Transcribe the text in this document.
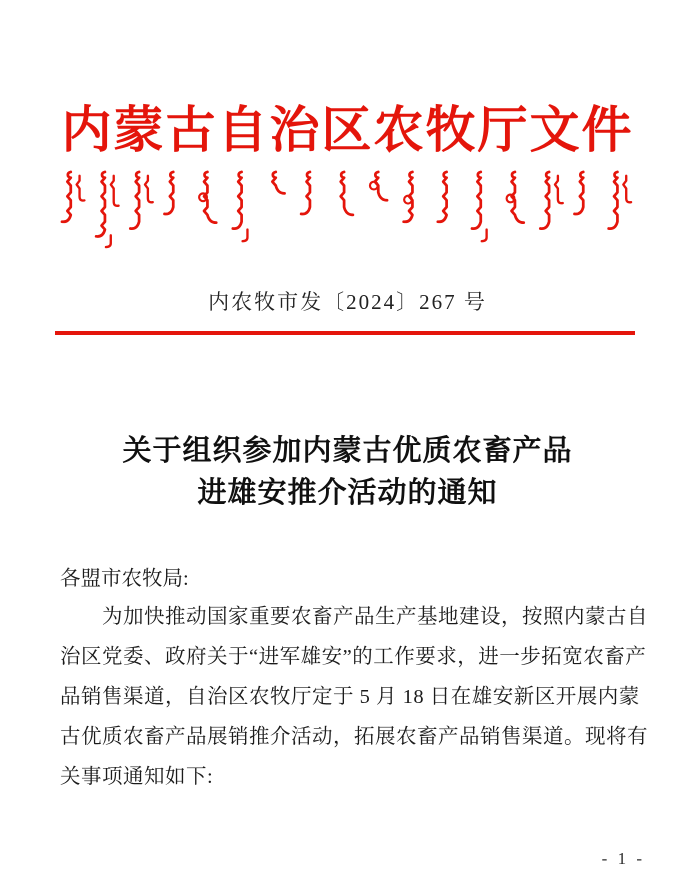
内蒙古自治区农牧厅文件
内农牧市发〔2024〕267 号
关于组织参加内蒙古优质农畜产品
进雄安推介活动的通知
各盟市农牧局:
　　为加快推动国家重要农畜产品生产基地建设，按照内蒙古自
治区党委、政府关于“进军雄安”的工作要求，进一步拓宽农畜产
品销售渠道，自治区农牧厅定于 5 月 18 日在雄安新区开展内蒙
古优质农畜产品展销推介活动，拓展农畜产品销售渠道。现将有
关事项通知如下:
- 1 -
